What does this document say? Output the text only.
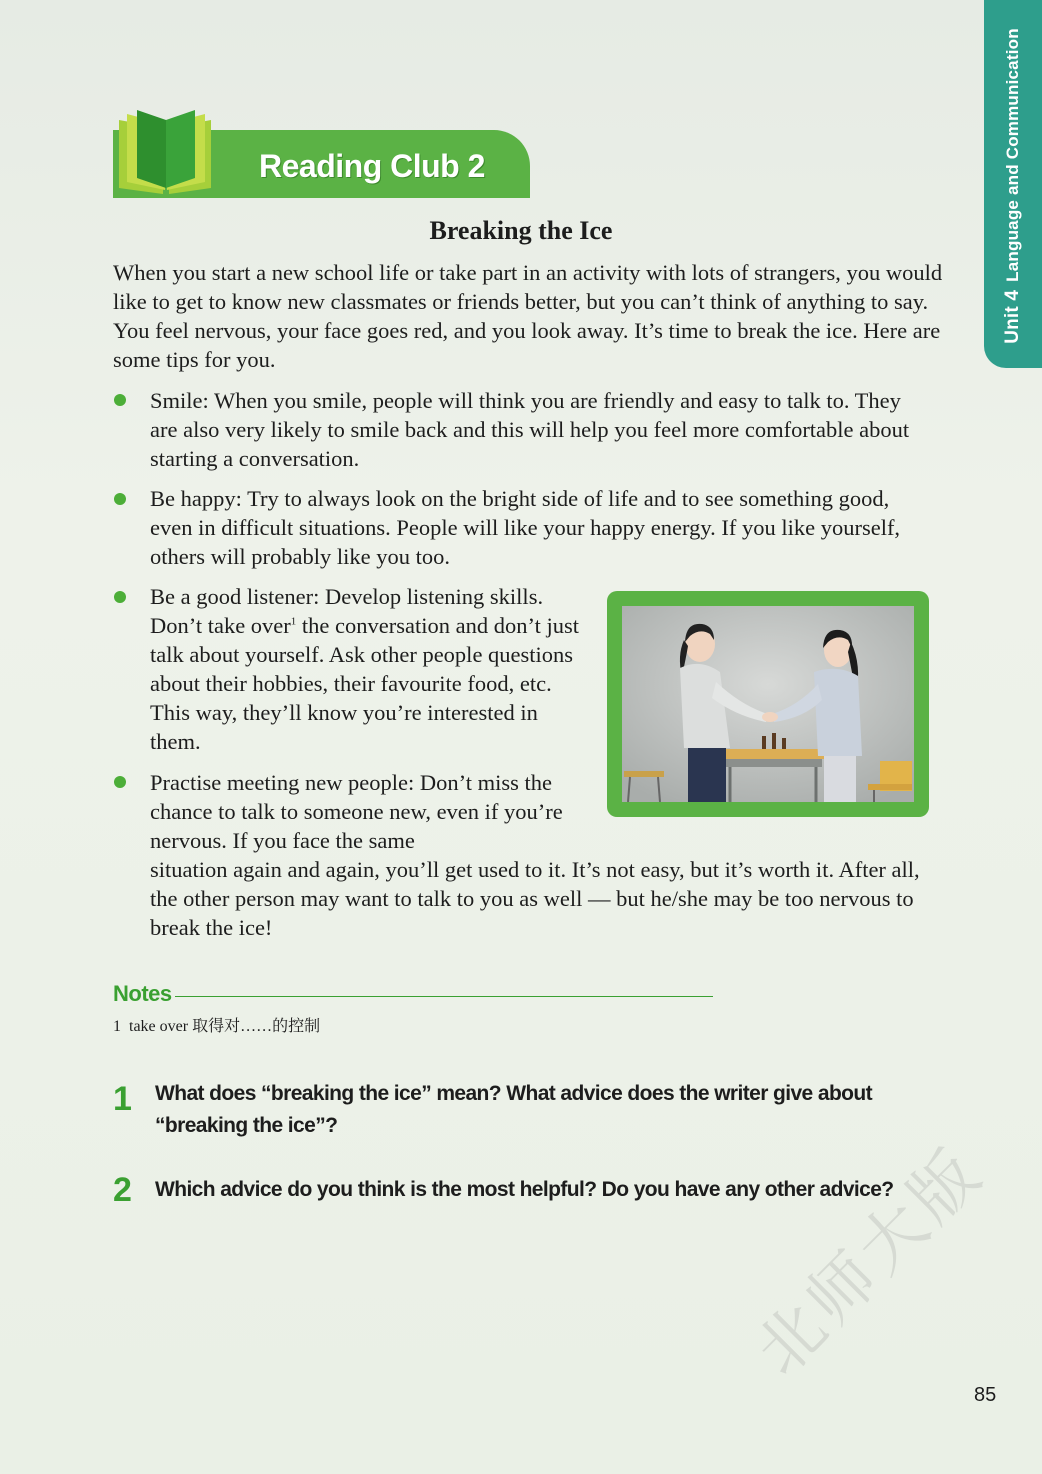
Unit 4Language and Communication
Reading Club 2
Breaking the Ice

When you start a new school life or take part in an activity with lots of strangers, you would like to get to know new classmates or friends better, but you can’t think of anything to say. You feel nervous, your face goes red, and you look away. It’s time to break the ice. Here are some tips for you.

Smile: When you smile, people will think you are friendly and easy to talk to. They are also very likely to smile back and this will help you feel more comfortable about starting a conversation.

Be happy: Try to always look on the bright side of life and to see something good, even in difficult situations. People will like your happy energy. If you like yourself, others will probably like you too.

Be a good listener: Develop listening skills. Don’t take over$^1$ the conversation and don’t just talk about yourself. Ask other people questions about their hobbies, their favourite food, etc. This way, they’ll know you’re interested in them.

Practise meeting new people: Don’t miss the chance to talk to someone new, even if you’re nervous. If you face the same

situation again and again, you’ll get used to it. It’s not easy, but it’s worth it. After all, the other person may want to talk to you as well — but he/she may be too nervous to break the ice!

Notes
1 take over 取得对……的控制
1 What does “breaking the ice” mean? What advice does the writer give about “breaking the ice”?
2 Which advice do you think is the most helpful? Do you have any other advice?
北师大版
85
